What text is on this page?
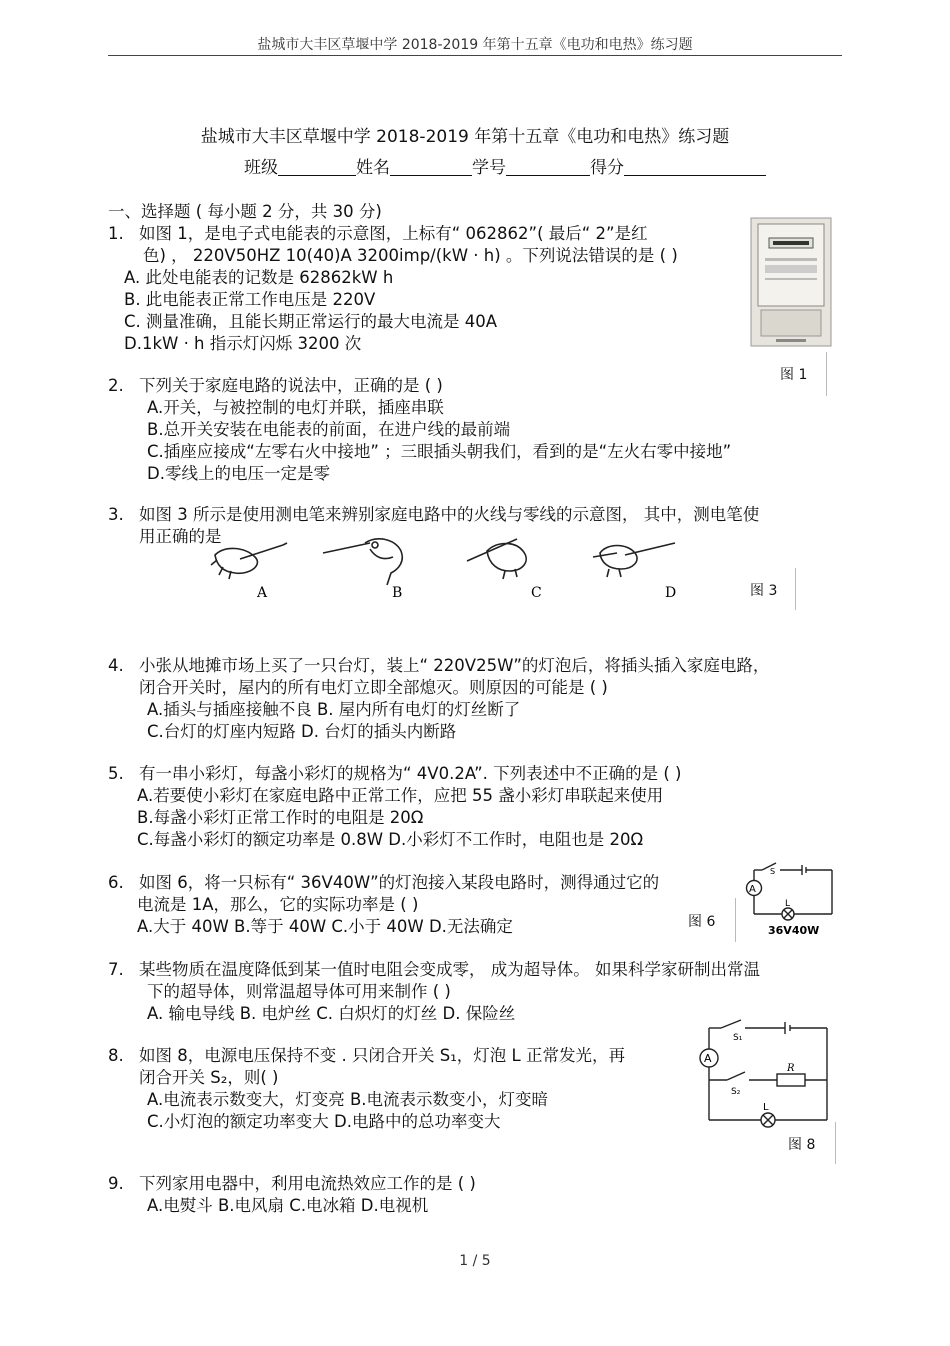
盐城市大丰区草堰中学 2018-2019 年第十五章《电功和电热》练习题
盐城市大丰区草堰中学 2018-2019 年第十五章《电功和电热》练习题
班级	姓名	学号	得分
一、选择题 ( 每小题 2 分，共 30 分)
1. 如图 1，是电子式电能表的示意图，上标有“ 062862”( 最后“ 2”是红
色) ， 220V50HZ 10(40)A 3200imp/(kW · h) 。下列说法错误的是 ( )
A. 此处电能表的记数是 62862kW h
B. 此电能表正常工作电压是 220V
C. 测量准确，且能长期正常运行的最大电流是 40A
D.1kW · h 指示灯闪烁 3200 次
图 1
2. 下列关于家庭电路的说法中，正确的是 ( )
A.开关，与被控制的电灯并联，插座串联
B.总开关安装在电能表的前面，在进户线的最前端
C.插座应接成“左零右火中接地” ；三眼插头朝我们，看到的是“左火右零中接地”
D.零线上的电压一定是零
3. 如图 3 所示是使用测电笔来辨别家庭电路中的火线与零线的示意图， 其中，测电笔使
用正确的是
A	B	C	D	图 3
4. 小张从地摊市场上买了一只台灯，装上“ 220V25W”的灯泡后，将插头插入家庭电路，
闭合开关时，屋内的所有电灯立即全部熄灭。则原因的可能是 ( )
A.插头与插座接触不良 B. 屋内所有电灯的灯丝断了
C.台灯的灯座内短路 D. 台灯的插头内断路
5. 有一串小彩灯，每盏小彩灯的规格为“ 4V0.2A”. 下列表述中不正确的是 ( )
A.若要使小彩灯在家庭电路中正常工作，应把 55 盏小彩灯串联起来使用
B.每盏小彩灯正常工作时的电阻是 20Ω
C.每盏小彩灯的额定功率是 0.8W D.小彩灯不工作时，电阻也是 20Ω
6. 如图 6，将一只标有“ 36V40W”的灯泡接入某段电路时，测得通过它的
电流是 1A，那么，它的实际功率是 ( )
A.大于 40W B.等于 40W C.小于 40W D.无法确定	图 6
A
S
L
36V40W
7. 某些物质在温度降低到某一值时电阻会变成零， 成为超导体。 如果科学家研制出常温
下的超导体，则常温超导体可用来制作 ( )
A. 输电导线 B. 电炉丝 C. 白炽灯的灯丝 D. 保险丝
8. 如图 8，电源电压保持不变 . 只闭合开关 S₁，灯泡 L 正常发光，再
闭合开关 S₂，则( )
A.电流表示数变大，灯变亮 B.电流表示数变小，灯变暗
C.小灯泡的额定功率变大 D.电路中的总功率变大
A
S₁
S₂
R
L
图 8
9. 下列家用电器中，利用电流热效应工作的是 ( )
A.电熨斗 B.电风扇 C.电冰箱 D.电视机
1 / 5
